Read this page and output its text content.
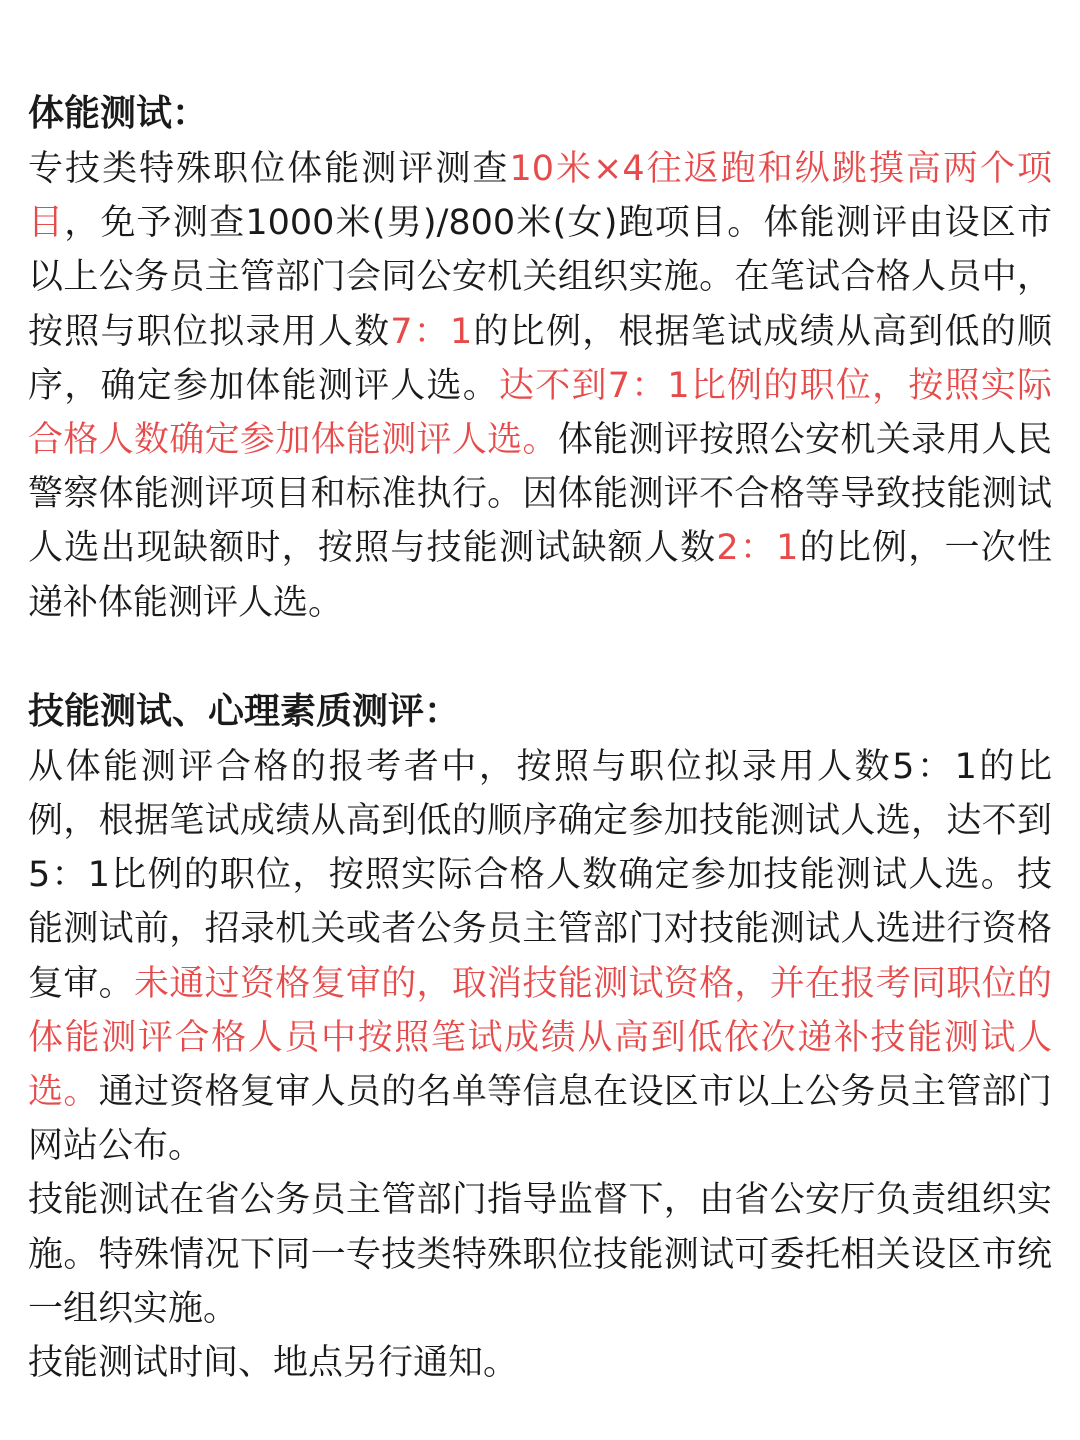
体能测试：

专技类特殊职位体能测评测查10米×4往返跑和纵跳摸高两个项目，免予测查1000米(男)/800米(女)跑项目。体能测评由设区市以上公务员主管部门会同公安机关组织实施。在笔试合格人员中，按照与职位拟录用人数7：1的比例，根据笔试成绩从高到低的顺序，确定参加体能测评人选。达不到7：1比例的职位，按照实际合格人数确定参加体能测评人选。体能测评按照公安机关录用人民警察体能测评项目和标准执行。因体能测评不合格等导致技能测试人选出现缺额时，按照与技能测试缺额人数2：1的比例，一次性递补体能测评人选。

技能测试、心理素质测评：

从体能测评合格的报考者中，按照与职位拟录用人数5：1的比例，根据笔试成绩从高到低的顺序确定参加技能测试人选，达不到5：1比例的职位，按照实际合格人数确定参加技能测试人选。技能测试前，招录机关或者公务员主管部门对技能测试人选进行资格复审。未通过资格复审的，取消技能测试资格，并在报考同职位的体能测评合格人员中按照笔试成绩从高到低依次递补技能测试人选。通过资格复审人员的名单等信息在设区市以上公务员主管部门网站公布。

技能测试在省公务员主管部门指导监督下，由省公安厅负责组织实施。特殊情况下同一专技类特殊职位技能测试可委托相关设区市统一组织实施。

技能测试时间、地点另行通知。
